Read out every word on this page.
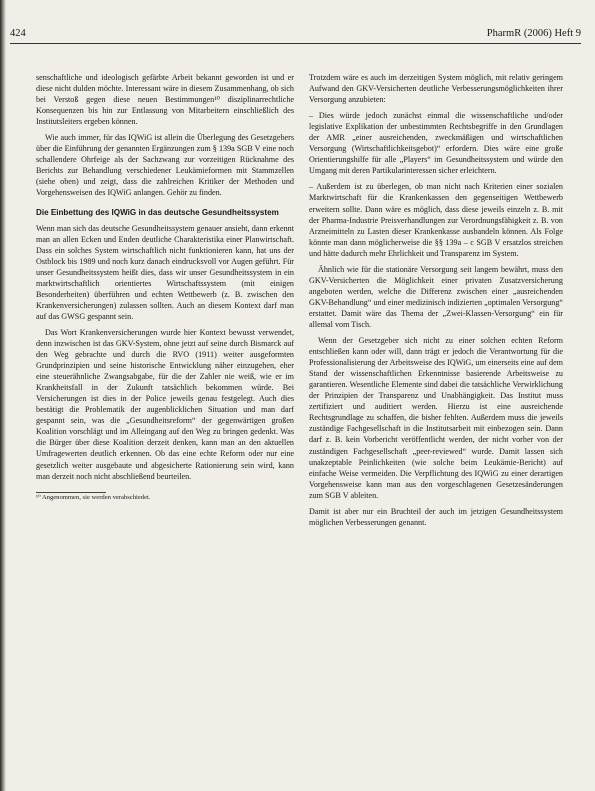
424	PharmR (2006) Heft 9

senschaftliche und ideologisch gefärbte Arbeit bekannt geworden ist und er diese nicht dulden möchte. Interessant wäre in diesem Zusammenhang, ob sich bei Verstoß gegen diese neuen Bestimmungen¹⁰ disziplinarrechtliche Konsequenzen bis hin zur Entlassung von Mitarbeitern einschließlich des Institutsleiters ergeben können.

Wie auch immer, für das IQWiG ist allein die Überlegung des Gesetzgebers über die Einführung der genannten Ergänzungen zum § 139a SGB V eine noch schallendere Ohrfeige als der Sachzwang zur vorzeitigen Rücknahme des Berichts zur Behandlung verschiedener Leukämieformen mit Stammzellen (siehe oben) und zeigt, dass die zahlreichen Kritiker der Methoden und Vorgehensweisen des IQWiG anlangen. Gehör zu finden.

Die Einbettung des IQWiG in das deutsche Gesundheitssystem

Wenn man sich das deutsche Gesundheitssystem genauer ansieht, dann erkennt man an allen Ecken und Enden deutliche Charakteristika einer Planwirtschaft. Dass ein solches System wirtschaftlich nicht funktionieren kann, hat uns der Ostblock bis 1989 und noch kurz danach eindrucksvoll vor Augen geführt. Für unser Gesundheitssystem heißt dies, dass wir unser Gesundheitssystem in ein marktwirtschaftlich orientiertes Wirtschaftssystem (mit einigen Besonderheiten) überführen und echten Wettbewerb (z. B. zwischen den Krankenversicherungen) zulassen sollten. Auch an diesem Kontext darf man auf das GWSG gespannt sein.

Das Wort Krankenversicherungen wurde hier Kontext bewusst verwendet, denn inzwischen ist das GKV-System, ohne jetzt auf seine durch Bismarck auf den Weg gebrachte und durch die RVO (1911) weiter ausgeformten Grundprinzipien und seine historische Entwicklung näher einzugehen, eher eine steuerähnliche Zwangsabgabe, für die der Zahler nie weiß, wie er im Krankheitsfall in der Zukunft tatsächlich bekommen würde. Bei Versicherungen ist dies in der Police jeweils genau festgelegt. Auch dies bestätigt die Problematik der augenblicklichen Situation und man darf gespannt sein, was die „Gesundheitsreform“ der gegenwärtigen großen Koalition vorschlägt und im Alleingang auf den Weg zu bringen gedenkt. Was die Bürger über diese Koalition derzeit denken, kann man an den aktuellen Umfragewerten deutlich erkennen. Ob das eine echte Reform oder nur eine gesetzlich weiter ausgebaute und abgesicherte Rationierung sein wird, kann man derzeit noch nicht abschließend beurteilen.

¹⁰ Angenommen, sie werden verabschiedet.

Trotzdem wäre es auch im derzeitigen System möglich, mit relativ geringem Aufwand den GKV-Versicherten deutliche Verbesserungsmöglichkeiten ihrer Versorgung anzubieten:

– Dies würde jedoch zunächst einmal die wissenschaftliche und/oder legislative Explikation der unbestimmten Rechtsbegriffe in den Grundlagen der AMR „einer ausreichenden, zweckmäßigen und wirtschaftlichen Versorgung (Wirtschaftlichkeitsgebot)“ erfordern. Dies wäre eine große Orientierungshilfe für alle „Players“ im Gesundheitssystem und würde den Umgang mit deren Partikularinteressen sicher erleichtern.

– Außerdem ist zu überlegen, ob man nicht nach Kriterien einer sozialen Marktwirtschaft für die Krankenkassen den gegenseitigen Wettbewerb erweitern sollte. Dann wäre es möglich, dass diese jeweils einzeln z. B. mit der Pharma-Industrie Preisverhandlungen zur Verordnungsfähigkeit z. B. von Arzneimitteln zu Lasten dieser Krankenkasse ausbandeln können. Als Folge könnte man dann möglicherweise die §§ 139a – c SGB V ersatzlos streichen und hätte dadurch mehr Ehrlichkeit und Transparenz im System.

Ähnlich wie für die stationäre Versorgung seit langem bewährt, muss den GKV-Versicherten die Möglichkeit einer privaten Zusatzversicherung angeboten werden, welche die Differenz zwischen einer „ausreichenden GKV-Behandlung“ und einer medizinisch indizierten „optimalen Versorgung“ erstattet. Damit wäre das Thema der „Zwei-Klassen-Versorgung“ ein für allemal vom Tisch.

Wenn der Gesetzgeber sich nicht zu einer solchen echten Reform entschließen kann oder will, dann trägt er jedoch die Verantwortung für die Professionalisierung der Arbeitsweise des IQWiG, um einerseits eine auf dem Stand der wissenschaftlichen Erkenntnisse basierende Arbeitsweise zu garantieren. Wesentliche Elemente sind dabei die tatsächliche Verwirklichung der Prinzipien der Transparenz und Unabhängigkeit. Das Institut muss zertifiziert und auditiert werden. Hierzu ist eine ausreichende Rechtsgrundlage zu schaffen, die bisher fehlten. Außerdem muss die jeweils zuständige Fachgesellschaft in die Institutsarbeit mit einbezogen sein. Dann darf z. B. kein Vorbericht veröffentlicht werden, der nicht vorher von der zuständigen Fachgesellschaft „peer-reviewed“ wurde. Damit lassen sich unakzeptable Peinlichkeiten (wie solche beim Leukämie-Bericht) auf einfache Weise vermeiden. Die Verpflichtung des IQWiG zu einer derartigen Vorgehensweise kann man aus den vorgeschlagenen Gesetzesänderungen zum SGB V ableiten.

Damit ist aber nur ein Bruchteil der auch im jetzigen Gesundheitssystem möglichen Verbesserungen genannt.
